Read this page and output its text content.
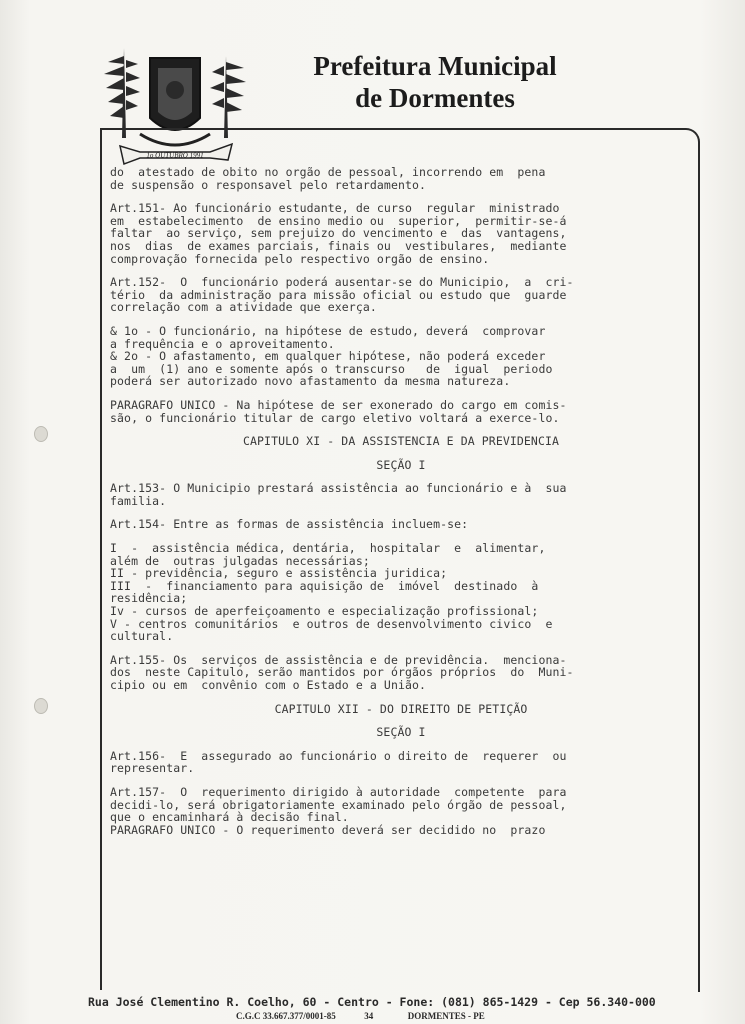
1o OUTUBRO 1991
Prefeitura Municipal
de Dormentes

do  atestado de obito no orgão de pessoal, incorrendo em  pena

de suspensão o responsavel pelo retardamento.

Art.151- Ao funcionário estudante, de curso  regular  ministrado

em  estabelecimento  de ensino medio ou  superior,  permitir-se-á

faltar  ao serviço, sem prejuizo do vencimento e  das  vantagens,

nos  dias  de exames parciais, finais ou  vestibulares,  mediante

comprovação fornecida pelo respectivo orgão de ensino.

Art.152-  O  funcionário poderá ausentar-se do Municipio,  a  cri-

tério  da administração para missão oficial ou estudo que  guarde

correlação com a atividade que exerça.

& 1o - O funcionário, na hipótese de estudo, deverá  comprovar

a frequência e o aproveitamento.

& 2o - O afastamento, em qualquer hipótese, não poderá exceder

a  um  (1) ano e somente após o transcurso   de  igual  periodo

poderá ser autorizado novo afastamento da mesma natureza.

PARAGRAFO UNICO - Na hipótese de ser exonerado do cargo em comis-

são, o funcionário titular de cargo eletivo voltará a exerce-lo.

CAPITULO XI - DA ASSISTENCIA E DA PREVIDENCIA

SEÇÃO I

Art.153- O Municipio prestará assistência ao funcionário e à  sua

familia.

Art.154- Entre as formas de assistência incluem-se:

I  -  assistência médica, dentária,  hospitalar  e  alimentar,

além de  outras julgadas necessárias;

II - previdência, seguro e assistência juridica;

III  -  financiamento para aquisição de  imóvel  destinado  à

residência;

Iv - cursos de aperfeiçoamento e especialização profissional;

V - centros comunitários  e outros de desenvolvimento civico  e

cultural.

Art.155- Os  serviços de assistência e de previdência.  menciona-

dos  neste Capitulo, serão mantidos por órgãos próprios  do  Muni-

cipio ou em  convênio com o Estado e a União.

CAPITULO XII - DO DIREITO DE PETIÇÃO

SEÇÃO I

Art.156-  E  assegurado ao funcionário o direito de  requerer  ou

representar.

Art.157-  O  requerimento dirigido à autoridade  competente  para

decidi-lo, será obrigatoriamente examinado pelo órgão de pessoal,

que o encaminhará à decisão final.

PARAGRAFO UNICO - O requerimento deverá ser decidido no  prazo

Rua José Clementino R. Coelho, 60 - Centro - Fone: (081) 865-1429 - Cep 56.340-000
C.G.C 33.667.377/0001-85	34	DORMENTES - PE
